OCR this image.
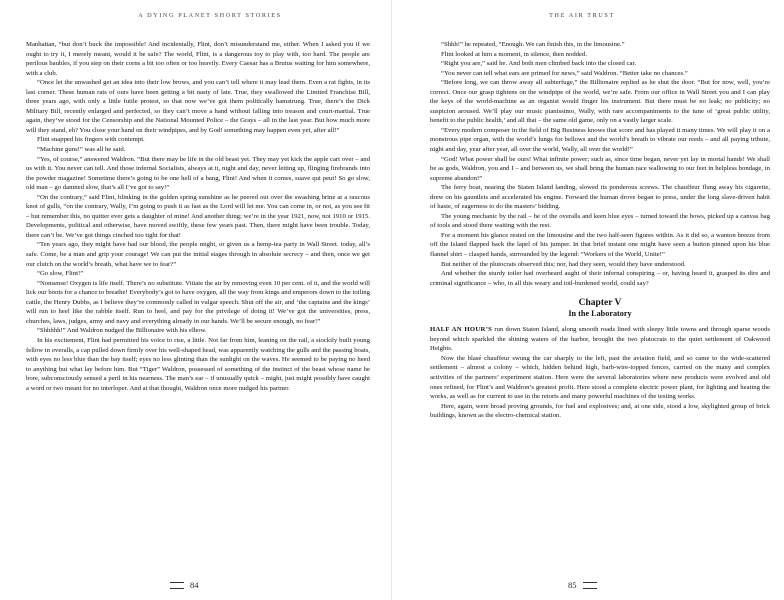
A DYING PLANET SHORT STORIES

Manhattan, “but don’t buck the impossible! And incidentally, Flint, don’t misunderstand me, either. When I asked you if we ought to try it, I merely meant, would it be safe? The world, Flint, is a dangerous toy to play with, too hard. The people are perilous baubles, if you step on their corns a bit too often or too heavily. Every Caesar has a Brutus waiting for him somewhere, with a club.

“Once let the unwashed get an idea into their low brows, and you can’t tell where it may lead them. Even a rat fights, in its last corner. These human rats of ours have been getting a bit nasty of late. True, they swallowed the Limited Franchise Bill, three years ago, with only a little futile protest, so that now we’ve got them politically hamstrung. True, there’s the Dick Military Bill, recently enlarged and perfected, so they can’t move a hand without falling into treason and court-martial. True again, they’ve stood for the Censorship and the National Mounted Police – the Grays – all in the last year. But how much more will they stand, eh? You close your hand on their windpipes, and by God! something may happen even yet, after all!”

Flint snapped his fingers with contempt.

“Machine guns!” was all he said.

“Yes, of course,” answered Waldron. “But there may be life in the old beast yet. They may yet kick the apple cart over – and us with it. You never can tell. And those infernal Socialists, always at it, night and day, never letting up, flinging firebrands into the powder magazine! Sometime there’s going to be one hell of a bang, Flint! And when it comes, suave qui peut! So go slow, old man – go damned slow, that’s all I’ve got to say!”

“On the contrary,” said Flint, blinking in the golden spring sunshine as he peered out over the swashing brine at a raucous knot of gulls, “on the contrary, Wally, I’m going to push it as fast as the Lord will let me. You can come in, or not, as you see fit – but remember this, no quitter ever gets a daughter of mine! And another thing; we’re in the year 1921, now, not 1910 or 1915. Developments, political and otherwise, have moved swiftly, these few years past. Then, there might have been trouble. Today, there can’t be. We’ve got things cinched too tight for that!

“Ten years ago, they might have had our blood, the people might, or given us a hemp-tea party in Wall Street. today, all’s safe. Come, be a man and grip your courage! We can put the initial stages through in absolute secrecy – and then, once we get our clutch on the world’s breath, what have we to fear?”

“Go slow, Flint!”

“Nonsense! Oxygen is life itself. There’s no substitute. Vitiate the air by removing even 10 per cent. of it, and the world will lick our boots for a chance to breathe! Everybody’s got to have oxygen, all the way from kings and emperors down to the toiling cattle, the Henry Dubbs, as I believe they’re commonly called in vulgar speech. Shut off the air, and ‘the captains and the kings’ will run to heel like the rabble itself. Run to heel, and pay for the privilege of doing it! We’ve got the universities, press, churches, laws, judges, army and navy and everything already in our hands. We’ll be secure enough, no fear!”

“Shhhhh!” And Waldron nudged the Billionaire with his elbow.

In his excitement, Flint had permitted his voice to rise, a little. Not far from him, leaning on the rail, a stockily built young fellow in overalls, a cap pulled down firmly over his well-shaped head, was apparently watching the gulls and the passing boats, with eyes no less blue than the bay itself; eyes no less glinting than the sunlight on the waves. He seemed to be paying no heed to anything but what lay before him. But “Tiger” Waldron, possessed of something of the instinct of the beast whose name he bore, subconsciously sensed a peril in his nearness. The man’s ear – if unusually quick – might, just might possibly have caught a word or two meant for no interloper. And at that thought, Waldron once more nudged his partner.

84
THE AIR TRUST

“Shhh!” he repeated, “Enough. We can finish this, in the limousine.”

Flint looked at him a moment, in silence, then nodded.

“Right you are,” said he. And both men climbed back into the closed car.

“You never can tell what ears are primed for news,” said Waldron. “Better take no chances.”

“Before long, we can throw away all subterfuge,” the Billionaire replied as he shut the door. “But for now, well, you’re correct. Once our grasp tightens on the windpipe of the world, we’re safe. From our office in Wall Street you and I can play the keys of the world-machine as an organist would finger his instrument. But there must be no leak; no publicity; no suspicion aroused. We’ll play our music pianissimo, Wally, with rare accompaniments to the tune of ‘great public utility, benefit to the public health,’ and all that – the same old game, only on a vastly larger scale.

“Every modern composer in the field of Big Business knows that score and has played it many times. We will play it on a monstrous pipe organ, with the world’s lungs for bellows and the world’s breath to vibrate our reeds – and all paying tribute, night and day, year after year, all over the world, Wally, all over the world!”

“God! What power shall be ours! What infinite power; such as, since time began, never yet lay in mortal hands! We shall be as gods, Waldron, you and I – and between us, we shall bring the human race wallowing to our feet in helpless bondage, in supreme abandon!”

The ferry boat, nearing the Staten Island landing, slowed its ponderous screws. The chauffeur flung away his cigarette, drew on his gauntlets and accelerated his engine. Forward the human drove began to press, under the long slave-driven habit of haste, of eagerness to do the masters’ bidding.

The young mechanic by the rail – he of the overalls and keen blue eyes – turned toward the bows, picked up a canvas bag of tools and stood there waiting with the rest.

For a moment his glance rested on the limousine and the two half-seen figures within. As it did so, a wanton breeze from off the Island flapped back the lapel of his jumper. In that brief instant one might have seen a button pinned upon his blue flannel shirt – clasped hands, surrounded by the legend: “Workers of the World, Unite!”

But neither of the plutocrats observed this; nor, had they seen, would they have understood.

And whether the sturdy toiler had overheard aught of their infernal conspiring – or, having heard it, grasped its dire and criminal significance – who, in all this weary and toil-burdened world, could say?

Chapter V
In the Laboratory

HALF AN HOUR’S run down Staten Island, along smooth roads lined with sleepy little towns and through sparse woods beyond which sparkled the shining waters of the harbor, brought the two plutocrats to the quiet settlement of Oakwood Heights.

Now the blasé chauffeur swung the car sharply to the left, past the aviation field, and so came to the wide-scattered settlement – almost a colony – which, hidden behind high, barb-wire-topped fences, carried on the many and complex activities of the partners’ experiment station. Here were the several laboratories where new products were evolved and old ones refined, for Flint’s and Waldron’s greatest profit. Here stood a complete electric power plant, for lighting and heating the works, as well as for current to use in the retorts and many powerful machines of the testing works.

Here, again, were broad proving grounds, for fuel and explosives; and, at one side, stood a low, skylighted group of brick buildings, known as the electro-chemical station.

85
